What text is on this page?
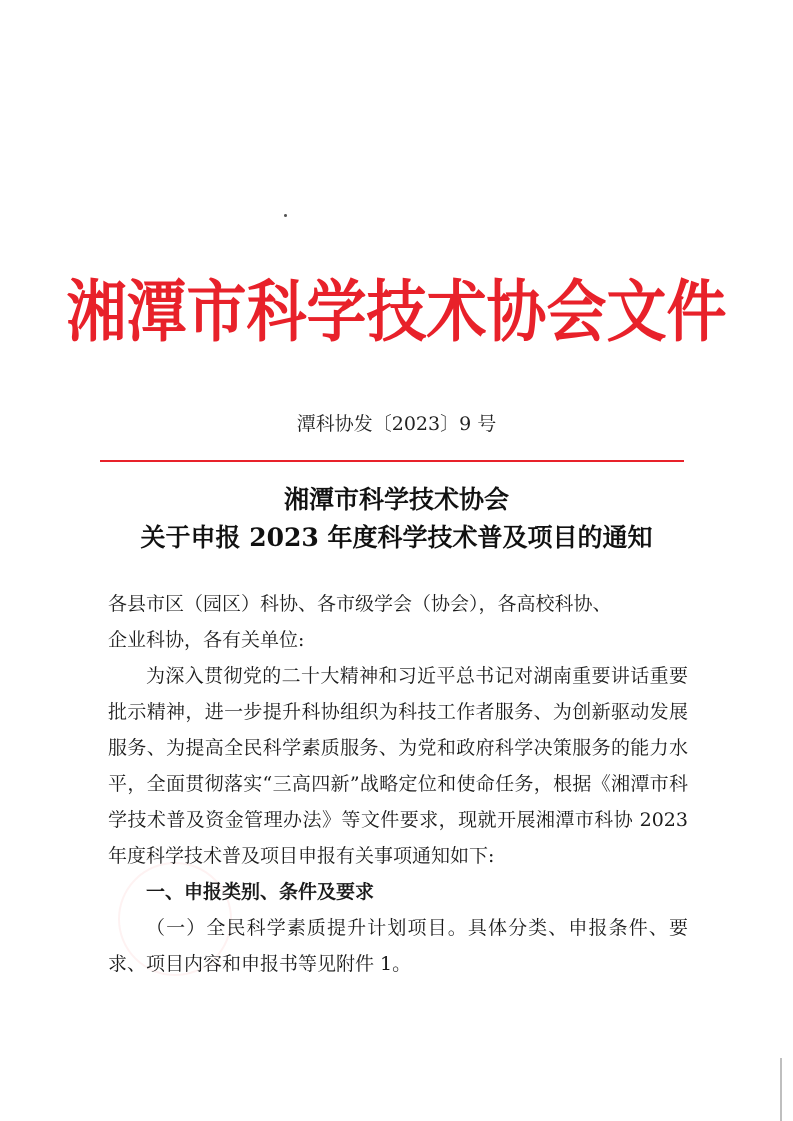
湘潭市科学技术协会文件
潭科协发〔2023〕9 号
湘潭市科学技术协会
关于申报 2023 年度科学技术普及项目的通知

各县市区（园区）科协、各市级学会（协会），各高校科协、

企业科协，各有关单位:

为深入贯彻党的二十大精神和习近平总书记对湖南重要讲话重要批示精神，进一步提升科协组织为科技工作者服务、为创新驱动发展服务、为提高全民科学素质服务、为党和政府科学决策服务的能力水平，全面贯彻落实“三高四新”战略定位和使命任务，根据《湘潭市科学技术普及资金管理办法》等文件要求，现就开展湘潭市科协 2023 年度科学技术普及项目申报有关事项通知如下:

一、申报类别、条件及要求

（一）全民科学素质提升计划项目。具体分类、申报条件、要求、项目内容和申报书等见附件 1。
